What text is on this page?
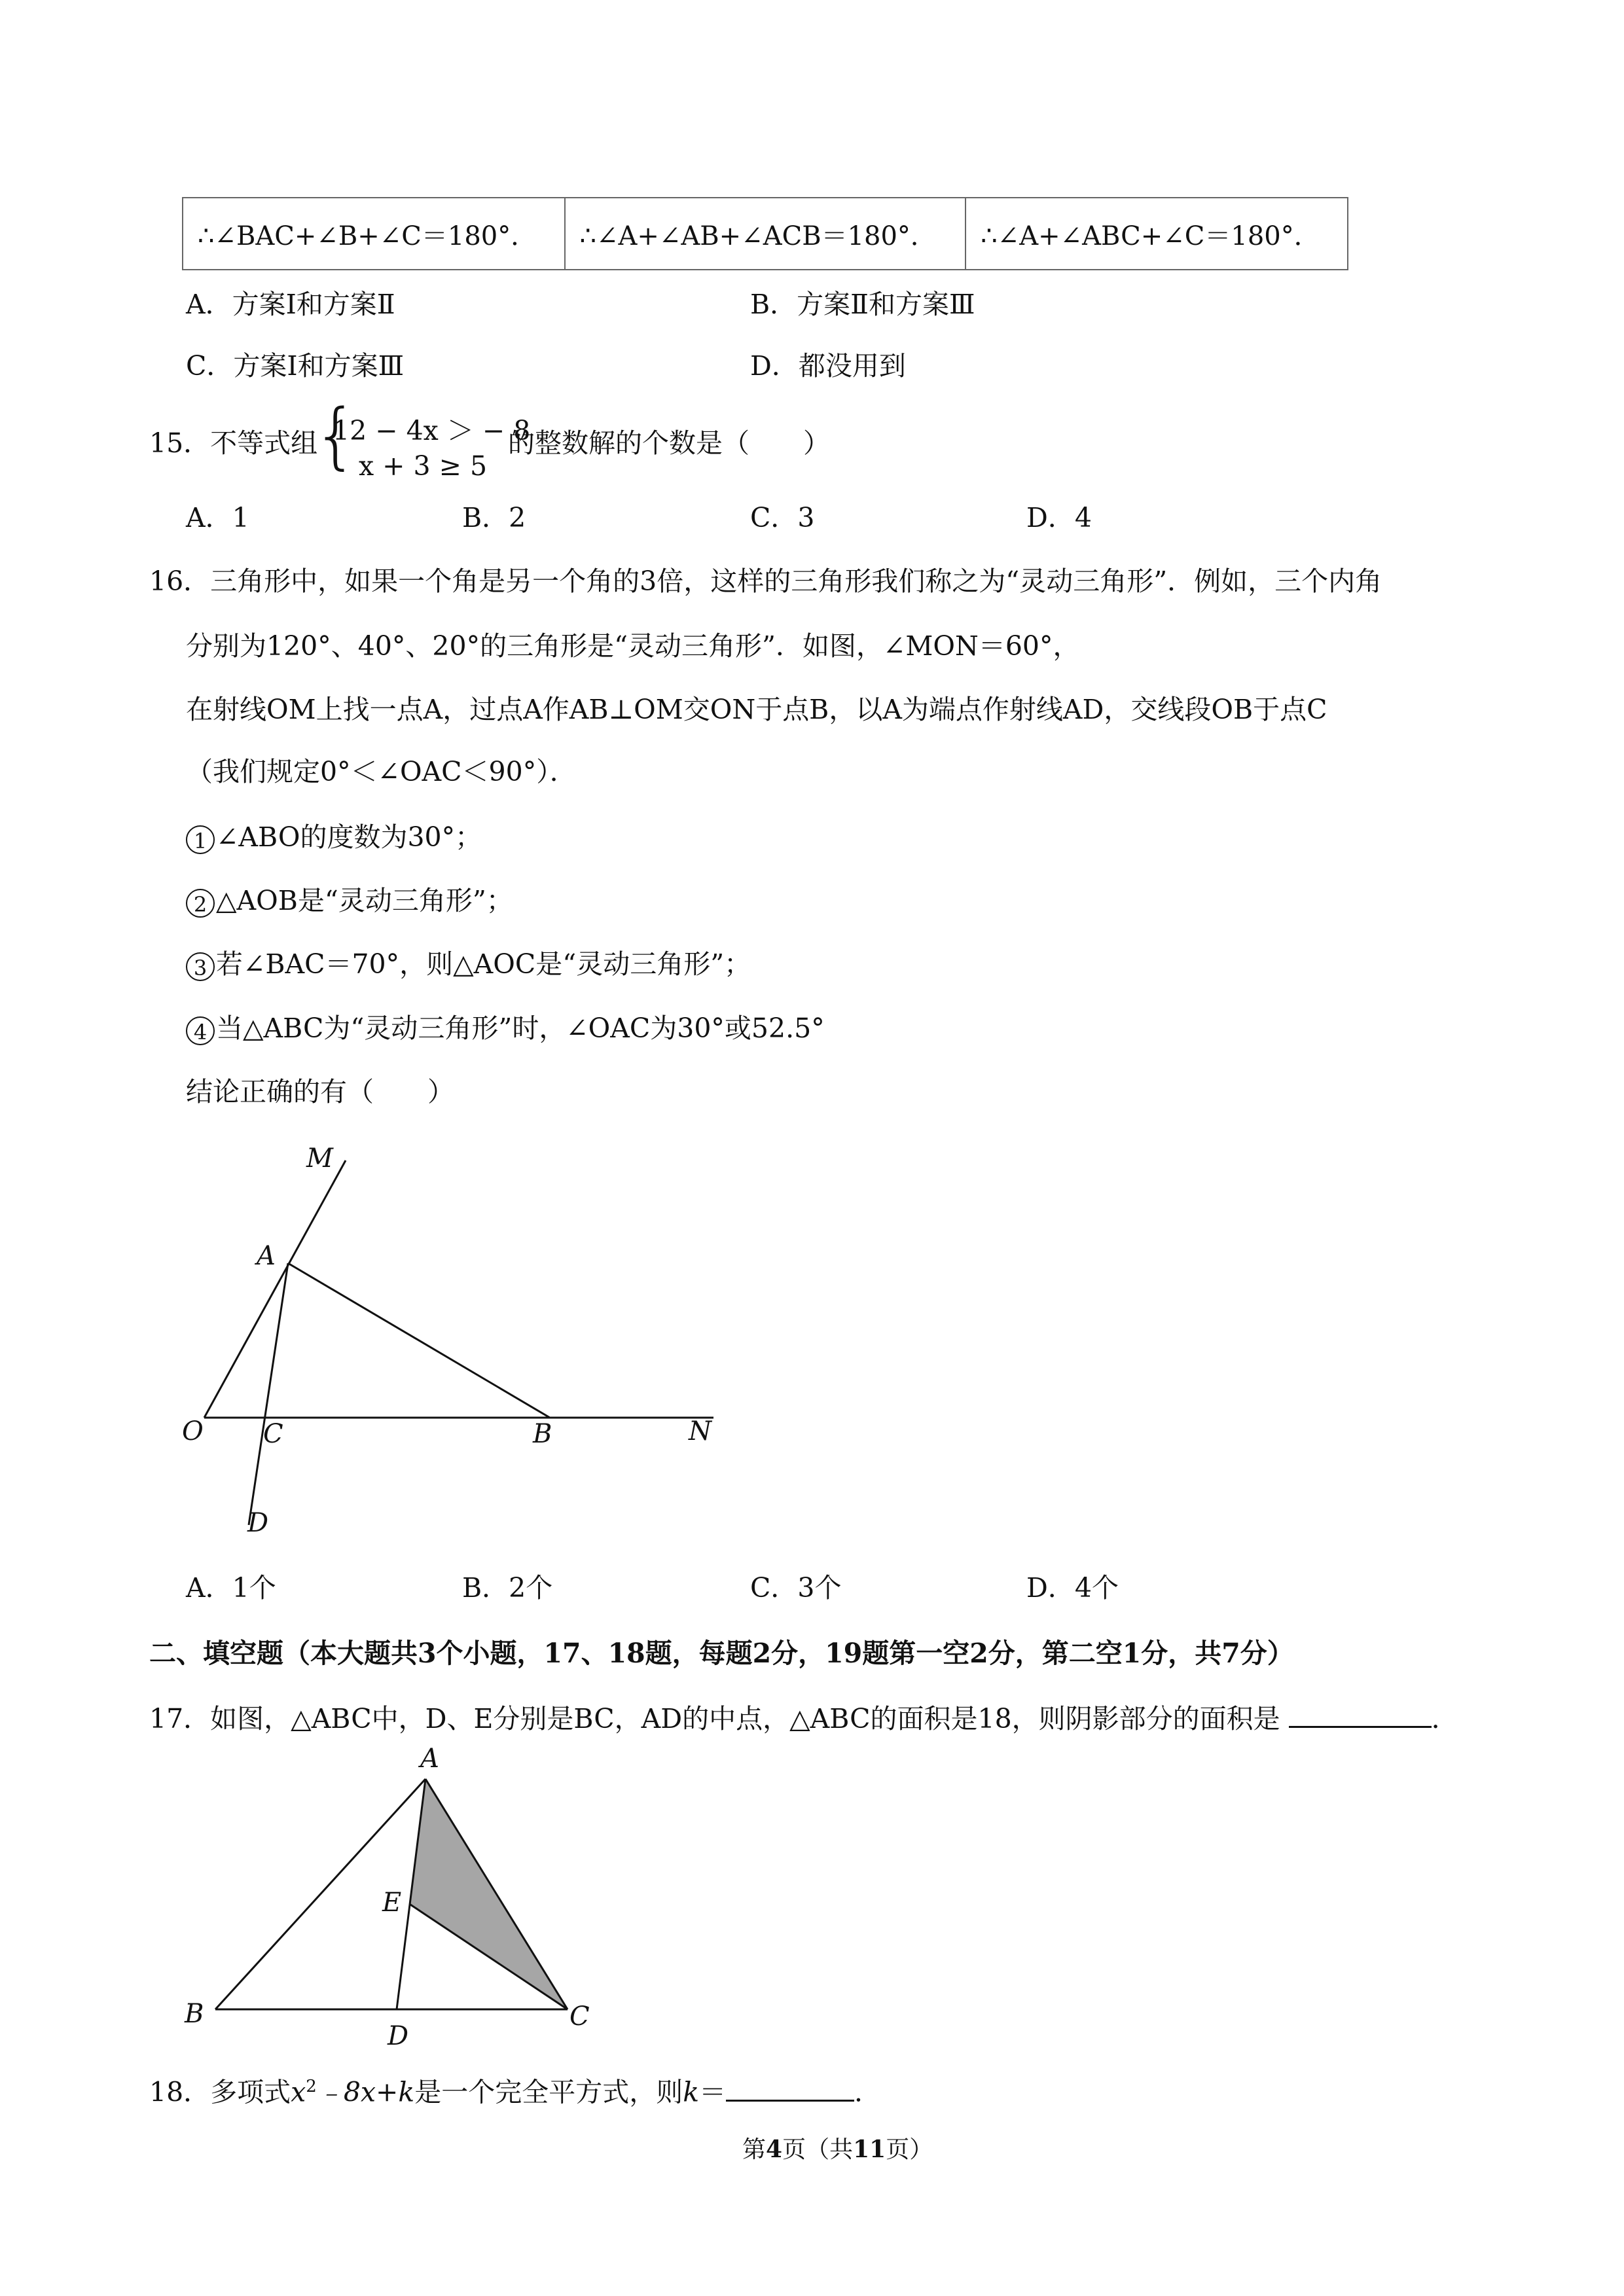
∴∠BAC+∠B+∠C＝180°．	∴∠A+∠AB+∠ACB＝180°．	∴∠A+∠ABC+∠C＝180°．
A．方案Ⅰ和方案Ⅱ	B．方案Ⅱ和方案Ⅲ
C．方案Ⅰ和方案Ⅲ	D．都没用到
15．不等式组
{
12 − 4x ＞ − 8
x + 3 ≥ 5
的整数解的个数是（　　）
A．1	B．2	C．3	D．4
16．三角形中，如果一个角是另一个角的3倍，这样的三角形我们称之为“灵动三角形”．例如，三个内角
分别为120°、40°、20°的三角形是“灵动三角形”．如图，∠MON＝60°，
在射线OM上找一点A，过点A作AB⊥OM交ON于点B，以A为端点作射线AD，交线段OB于点C
（我们规定0°＜∠OAC＜90°）．
1 ∠ABO的度数为30°；
2 △AOB是“灵动三角形”；
3 若∠BAC＝70°，则△AOC是“灵动三角形”；
4 当△ABC为“灵动三角形”时，∠OAC为30°或52.5°
结论正确的有（　　）
M
A
O C	B	N
D
A．1个	B．2个	C．3个	D．4个
二、填空题（本大题共3个小题，17、18题，每题2分，19题第一空2分，第二空1分，共7分）
17．如图，△ABC中，D、E分别是BC，AD的中点，△ABC的面积是18，则阴影部分的面积是	．
A
E
B
D
C
18．多项式$x^2﹣8x+k$是一个完全平方式，则k＝	．
第4页（共11页）
